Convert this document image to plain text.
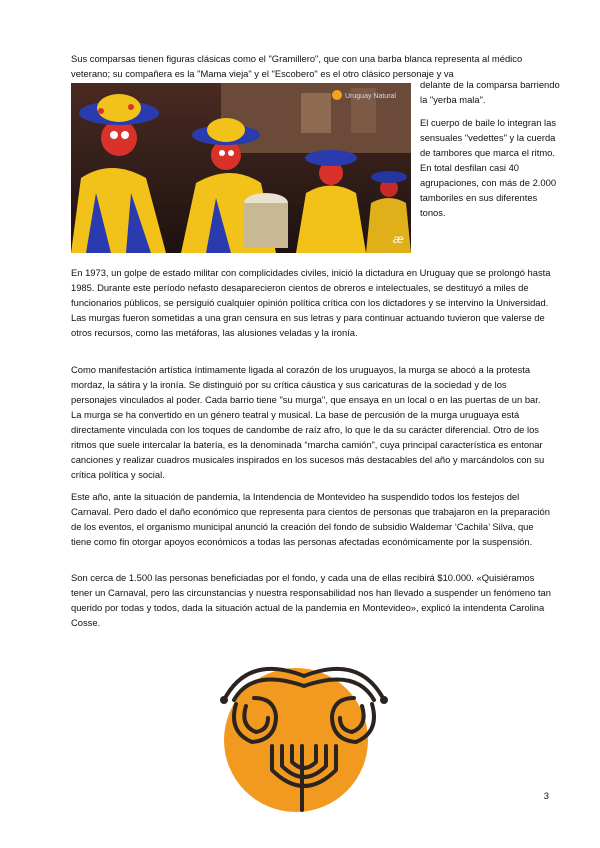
Sus comparsas tienen figuras clásicas como el "Gramillero", que con una barba blanca representa al médico veterano; su compañera es la "Mama vieja" y el "Escobero" es el otro clásico personaje y va

Uruguay Natural
æ

delante de la comparsa barriendo la "yerba mala".

El cuerpo de baile lo integran las sensuales "vedettes" y la cuerda de tambores que marca el ritmo. En total desfilan casi 40 agrupaciones, con más de 2.000 tamboriles en sus diferentes tonos.

En 1973, un golpe de estado militar con complicidades civiles, inició la dictadura en Uruguay que se prolongó hasta 1985. Durante este período nefasto desaparecieron cientos de obreros e intelectuales, se destituyó a miles de funcionarios públicos, se persiguió cualquier opinión política crítica con los dictadores y se intervino la Universidad. Las murgas fueron sometidas a una gran censura en sus letras y para continuar actuando tuvieron que valerse de otros recursos, como las metáforas, las alusiones veladas y la ironía.

Como manifestación artística íntimamente ligada al corazón de los uruguayos, la murga se abocó a la protesta mordaz, la sátira y la ironía. Se distinguió por su crítica cáustica y sus caricaturas de la sociedad y de los personajes vinculados al poder. Cada barrio tiene "su murga", que ensaya en un local o en las puertas de un bar. La murga se ha convertido en un género teatral y musical. La base de percusión de la murga uruguaya está directamente vinculada con los toques de candombe de raíz afro, lo que le da su carácter diferencial. Otro de los ritmos que suele intercalar la batería, es la denominada “marcha camión”, cuya principal característica es entonar canciones y realizar cuadros musicales inspirados en los sucesos más destacables del año y marcándolos con su crítica política y social.

Este año, ante la situación de pandemia, la Intendencia de Montevideo ha suspendido todos los festejos del Carnaval. Pero dado el daño económico que representa para cientos de personas que trabajaron en la preparación de los eventos, el organismo municipal anunció la creación del fondo de subsidio Waldemar ‘Cachila’ Silva, que tiene como fin otorgar apoyos económicos a todas las personas afectadas económicamente por la suspensión.

Son cerca de 1.500 las personas beneficiadas por el fondo, y cada una de ellas recibirá $10.000. «Quisiéramos tener un Carnaval, pero las circunstancias y nuestra responsabilidad nos han llevado a suspender un fenómeno tan querido por todas y todos, dada la situación actual de la pandemia en Montevideo», explicó la intendenta Carolina Cosse.

3
